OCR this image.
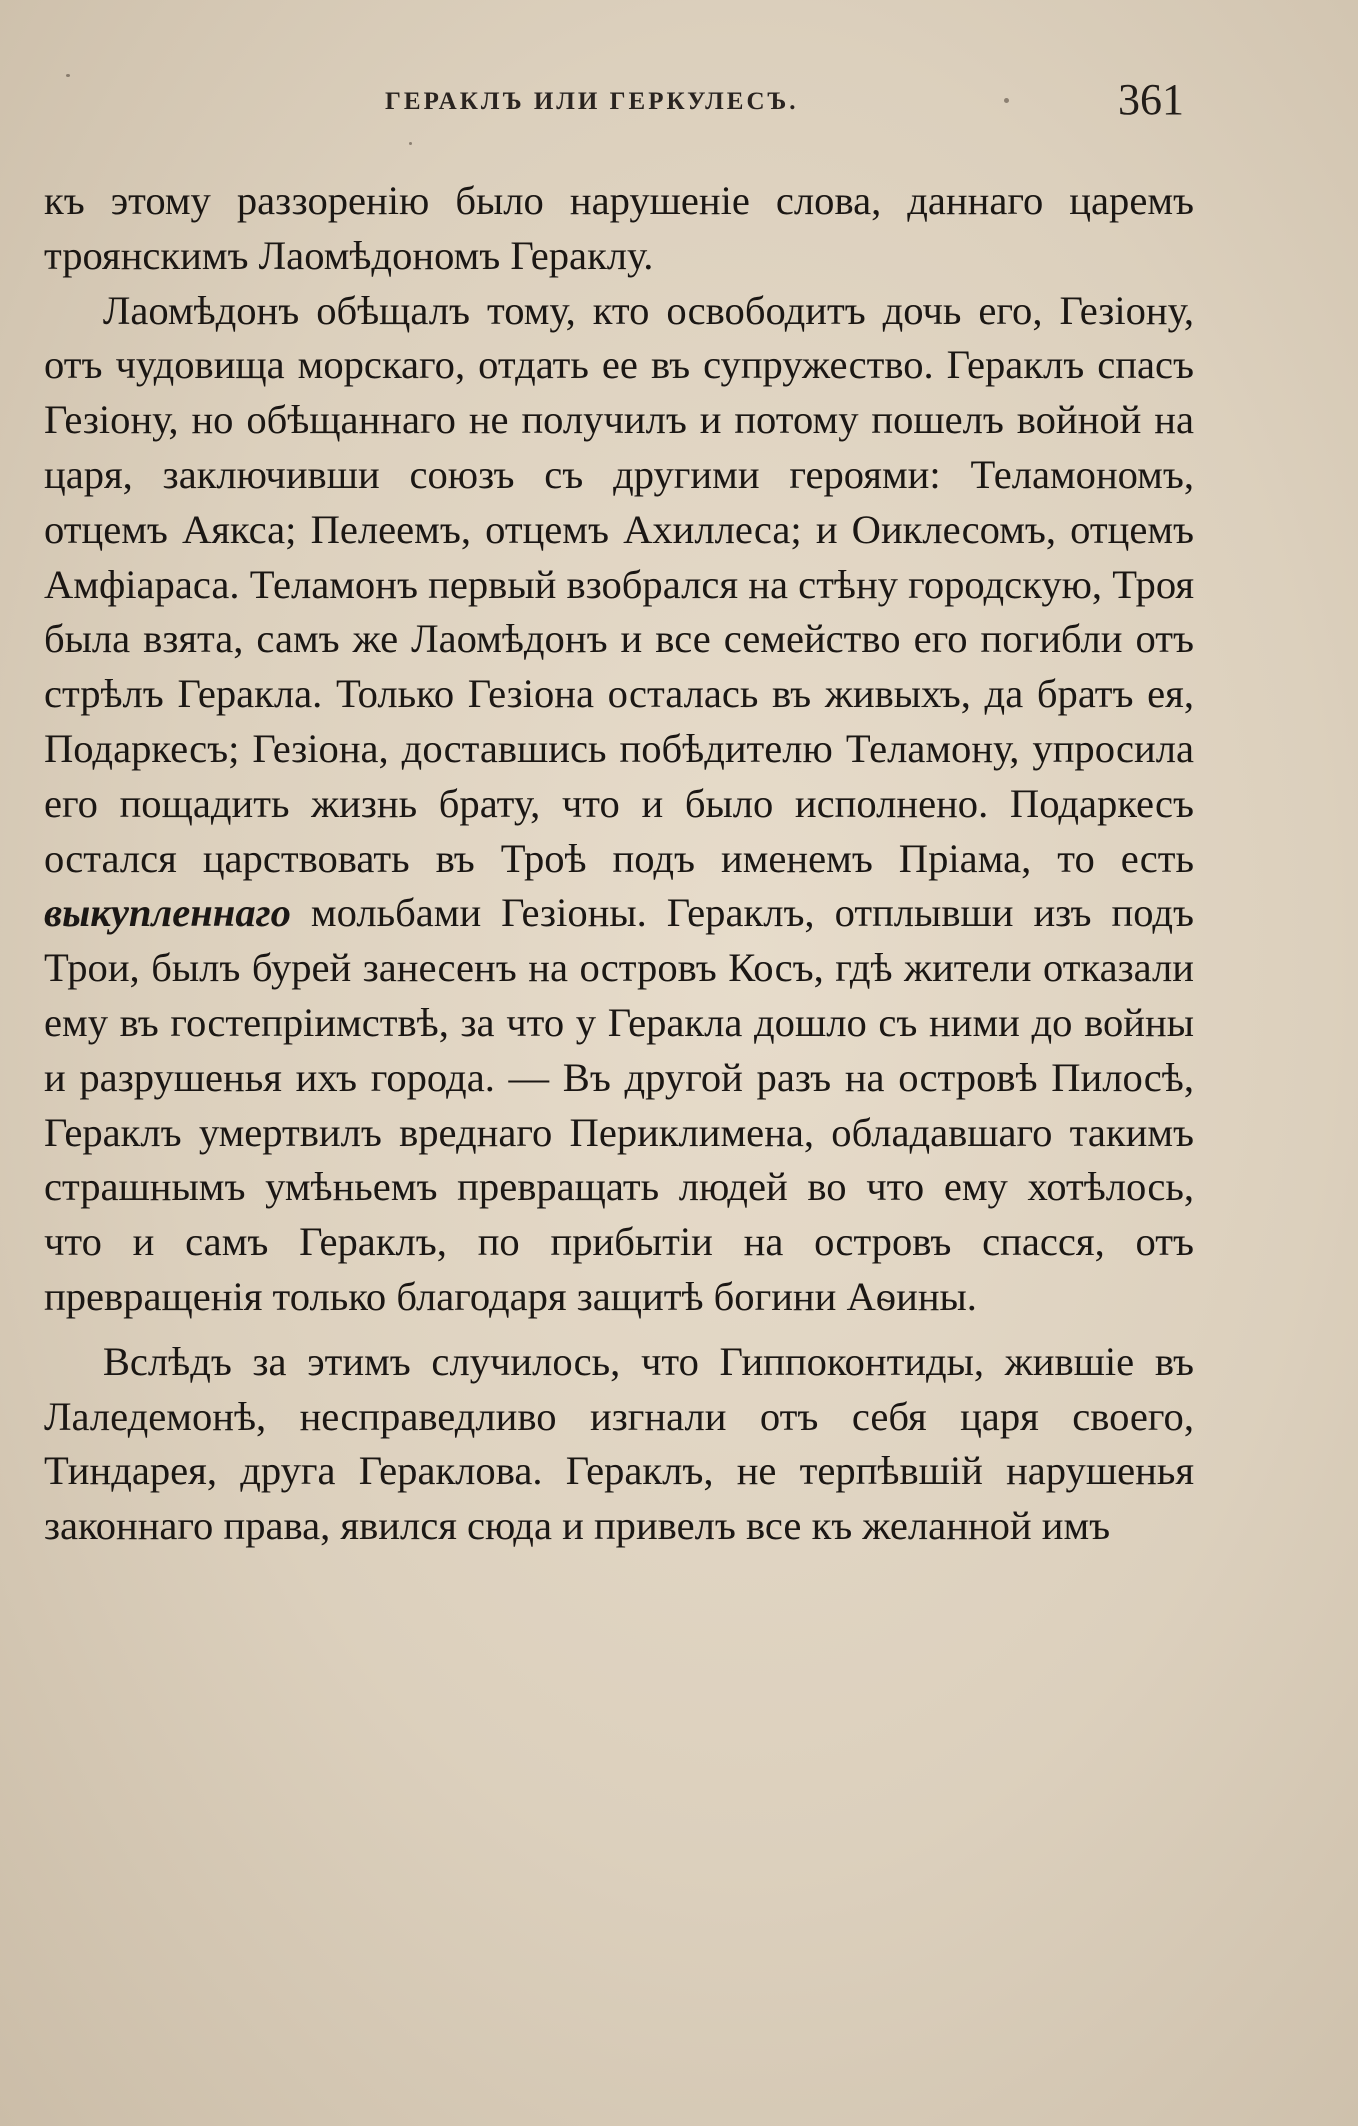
ГЕРАКЛЪ ИЛИ ГЕРКУЛЕСЪ.	361

къ этому раззоренію было нарушеніе слова, даннаго царемъ троянскимъ Лаомѣдономъ Гераклу.

Лаомѣдонъ обѣщалъ тому, кто освободитъ дочь его, Гезіону, отъ чудовища морскаго, отдать ее въ супружество. Гераклъ спасъ Гезіону, но обѣщаннаго не получилъ и потому пошелъ войной на царя, заключивши союзъ съ другими героями: Теламономъ, отцемъ Аякса; Пелеемъ, отцемъ Ахиллеса; и Оиклесомъ, отцемъ Амфіараса. Теламонъ первый взобрался на стѣну городскую, Троя была взята, самъ же Лаомѣдонъ и все семейство его погибли отъ стрѣлъ Геракла. Только Гезіона осталась въ живыхъ, да братъ ея, Подаркесъ; Гезіона, доставшись побѣдителю Теламону, упросила его пощадить жизнь брату, что и было исполнено. Подаркесъ остался царствовать въ Троѣ подъ именемъ Пріама, то есть выкупленнаго мольбами Гезіоны. Гераклъ, отплывши изъ подъ Трои, былъ бурей занесенъ на островъ Косъ, гдѣ жители отказали ему въ гостепріимствѣ, за что у Геракла дошло съ ними до войны и разрушенья ихъ города. — Въ другой разъ на островѣ Пилосѣ, Гераклъ умертвилъ вреднаго Периклимена, обладавшаго такимъ страшнымъ умѣньемъ превращать людей во что ему хотѣлось, что и самъ Гераклъ, по прибытіи на островъ спасся, отъ превращенія только благодаря защитѣ богини Аѳины.

Вслѣдъ за этимъ случилось, что Гиппоконтиды, жившіе въ Лаледемонѣ, несправедливо изгнали отъ себя царя своего, Тиндарея, друга Гераклова. Гераклъ, не терпѣвшій нарушенья законнаго права, явился сюда и привелъ все къ желанной имъ
